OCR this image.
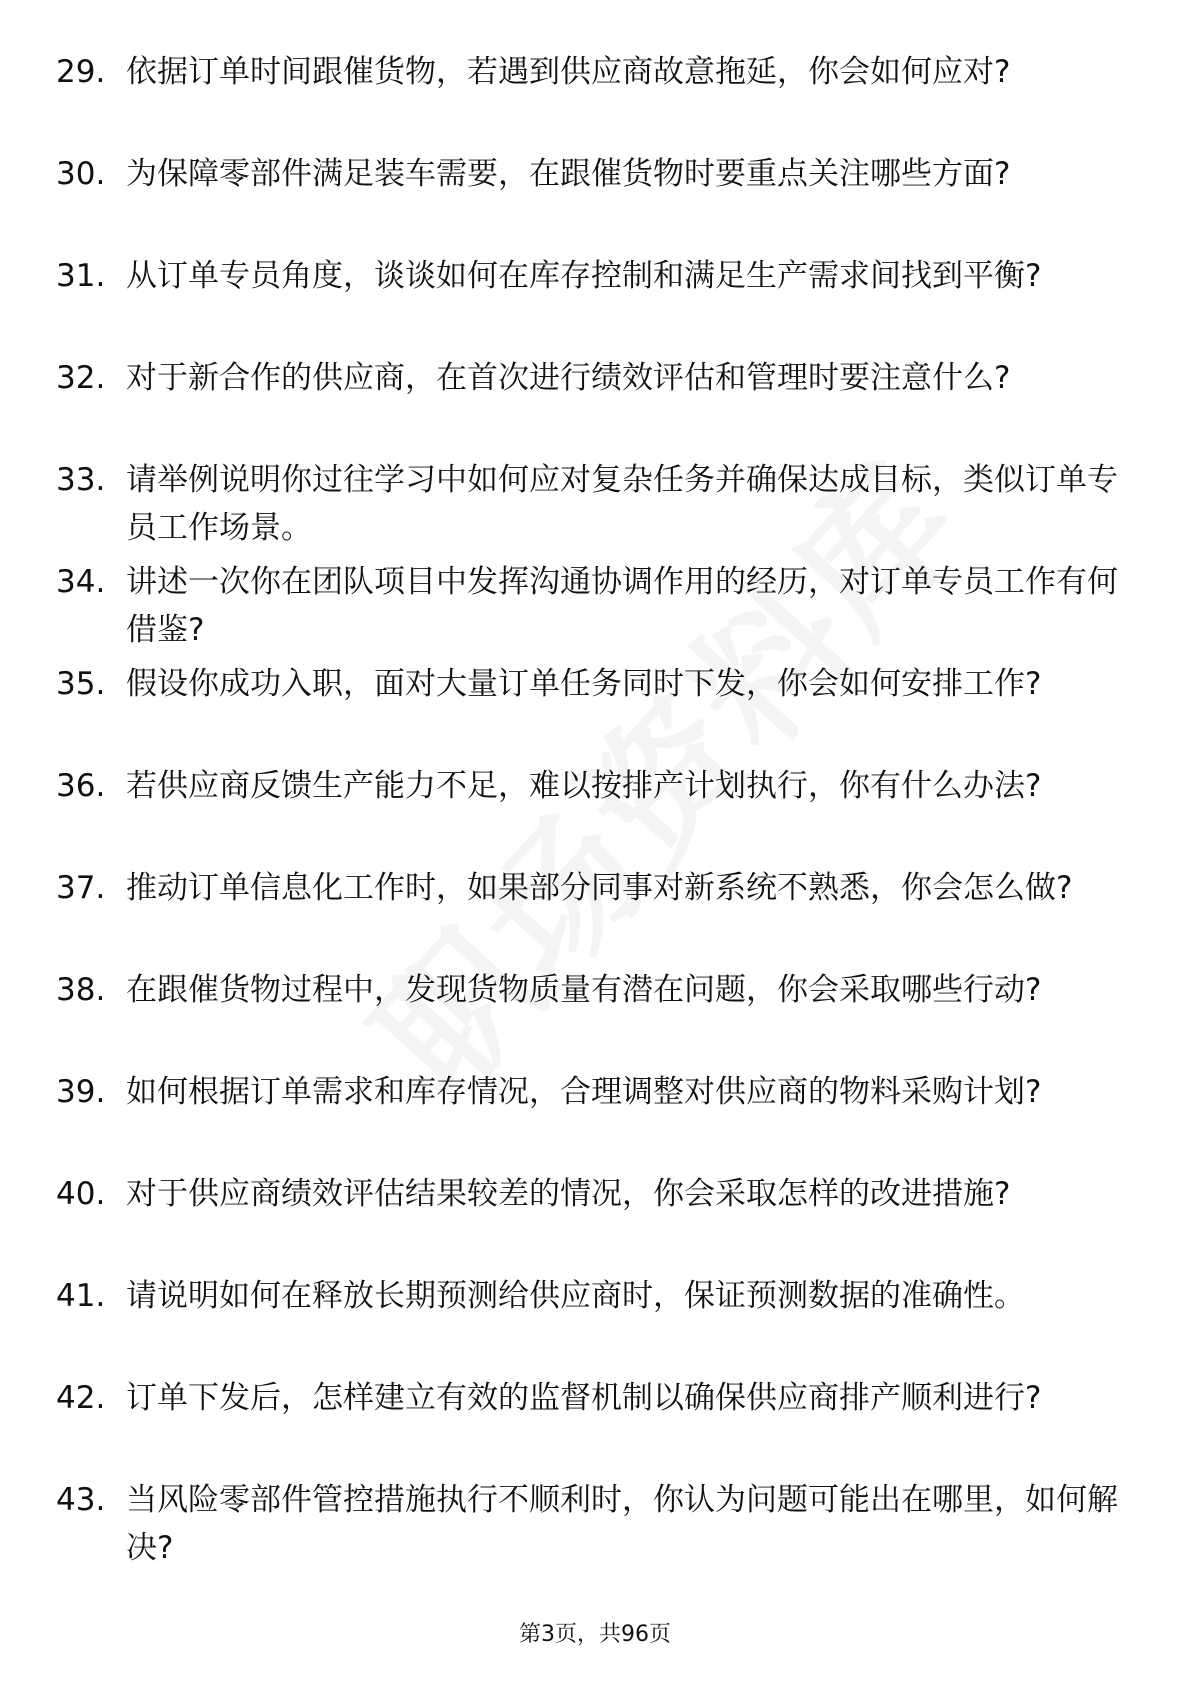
29. 依据订单时间跟催货物，若遇到供应商故意拖延，你会如何应对?
30. 为保障零部件满足装车需要，在跟催货物时要重点关注哪些方面?
31. 从订单专员角度，谈谈如何在库存控制和满足生产需求间找到平衡?
32. 对于新合作的供应商，在首次进行绩效评估和管理时要注意什么?
33. 请举例说明你过往学习中如何应对复杂任务并确保达成目标，类似订单专员工作场景。
34. 讲述一次你在团队项目中发挥沟通协调作用的经历，对订单专员工作有何借鉴?
35. 假设你成功入职，面对大量订单任务同时下发，你会如何安排工作?
36. 若供应商反馈生产能力不足，难以按排产计划执行，你有什么办法?
37. 推动订单信息化工作时，如果部分同事对新系统不熟悉，你会怎么做?
38. 在跟催货物过程中，发现货物质量有潜在问题，你会采取哪些行动?
39. 如何根据订单需求和库存情况，合理调整对供应商的物料采购计划?
40. 对于供应商绩效评估结果较差的情况，你会采取怎样的改进措施?
41. 请说明如何在释放长期预测给供应商时，保证预测数据的准确性。
42. 订单下发后，怎样建立有效的监督机制以确保供应商排产顺利进行?
43. 当风险零部件管控措施执行不顺利时，你认为问题可能出在哪里，如何解决?
第3页，共96页
